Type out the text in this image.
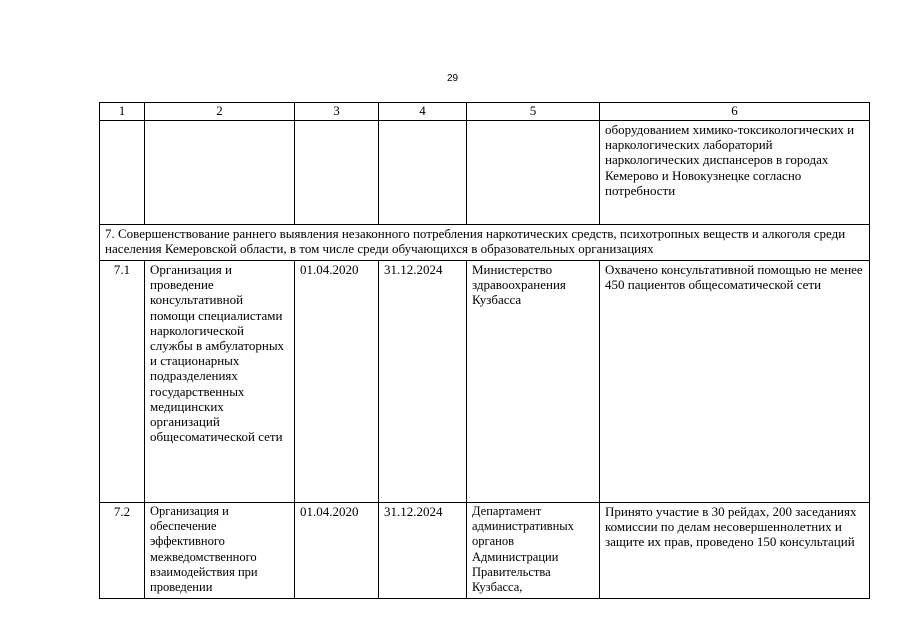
29
1	2	3	4	5	6
					оборудованием химико-токсикологических и наркологических лабораторий наркологических диспансеров в городах Кемерово и Новокузнецке согласно потребности
7. Совершенствование раннего выявления незаконного потребления наркотических средств, психотропных веществ и алкоголя среди населения Кемеровской области, в том числе среди обучающихся в образовательных организациях					
7.1	Организация и проведение консультативной помощи специалистами наркологической службы в амбулаторных и стационарных подразделениях государственных медицинских организаций общесоматической сети	01.04.2020	31.12.2024	Министерство здравоохранения Кузбасса	Охвачено консультативной помощью не менее 450 пациентов общесоматической сети
7.2	Организация и обеспечение эффективного межведомственного взаимодействия при проведении	01.04.2020	31.12.2024	Департамент административных органов Администрации Правительства Кузбасса,	Принято участие в 30 рейдах, 200 заседаниях комиссии по делам несовершеннолетних и защите их прав, проведено 150 консультаций
